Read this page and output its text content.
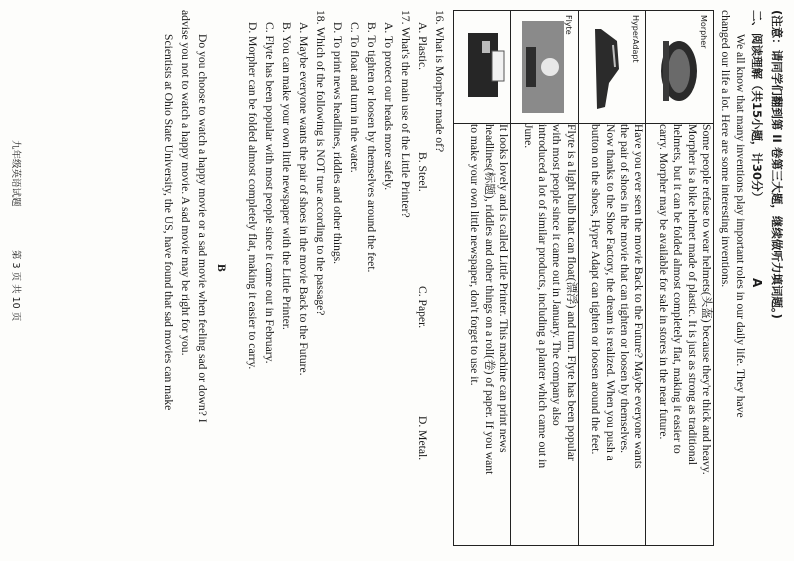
(注意：请同学们翻到第 II 卷第三大题，继续做听力填词题。)
二、阅读理解（共15小题，计30分）
A
We all know that many inventions play important roles in our daily life. They have
changed our life a lot. Here are some interesting inventions.
Morpher	Some people refuse to wear helmets(头盔) because they're thick and heavy.
Morpher is a bike helmet made of plastic. It is just as strong as traditional
helmets, but it can be folded almost completely flat, making it easier to
carry. Morpher may be available for sale in stores in the near future.

HyperAdapt	Have you ever seen the movie Back to the Future? Maybe everyone wants
the pair of shoes in the movie that can tighten or loosen by themselves.
Now thanks to the Shoe Factory, the dream is realized. When you push a
button on the shoes, Hyper Adapt can tighten or loosen around the feet.

Flyte	Flyte is a light bulb that can float(漂浮) and turn. Flyte has been popular
with most people since it came out in January. The company also
introduced a lot of similar products, including a planter which came out in
June.

It looks lovely and is called Little Printer. This machine can print news
headlines(标题), riddles and other things on a roll(卷) of paper. If you want
to make your own little newspaper, don't forget to use it.
16. What is Morpher made of?
A. Plastic.
B. Steel.
C. Paper.
D. Metal.
17. What's the main use of the Little Printer?
A. To protect our heads more safely.
B. To tighten or loosen by themselves around the feet.
C. To float and turn in the water.
D. To print news headlines, riddles and other things.
18. Which of the following is NOT true according to the passage?
A. Maybe everyone wants the pair of shoes in the movie Back to the Future.
B. You can make your own little newspaper with the Little Printer.
C. Flyte has been popular with most people since it came out in February.
D. Morpher can be folded almost completely flat, making it easier to carry.
B
Do you choose to watch a happy movie or a sad movie when feeling sad or down? I
advise you not to watch a happy movie. A sad movie may be right for you.
Scientists at Ohio State University, the US, have found that sad movies can make
九年级英语试题
第 3 页 共 10 页
